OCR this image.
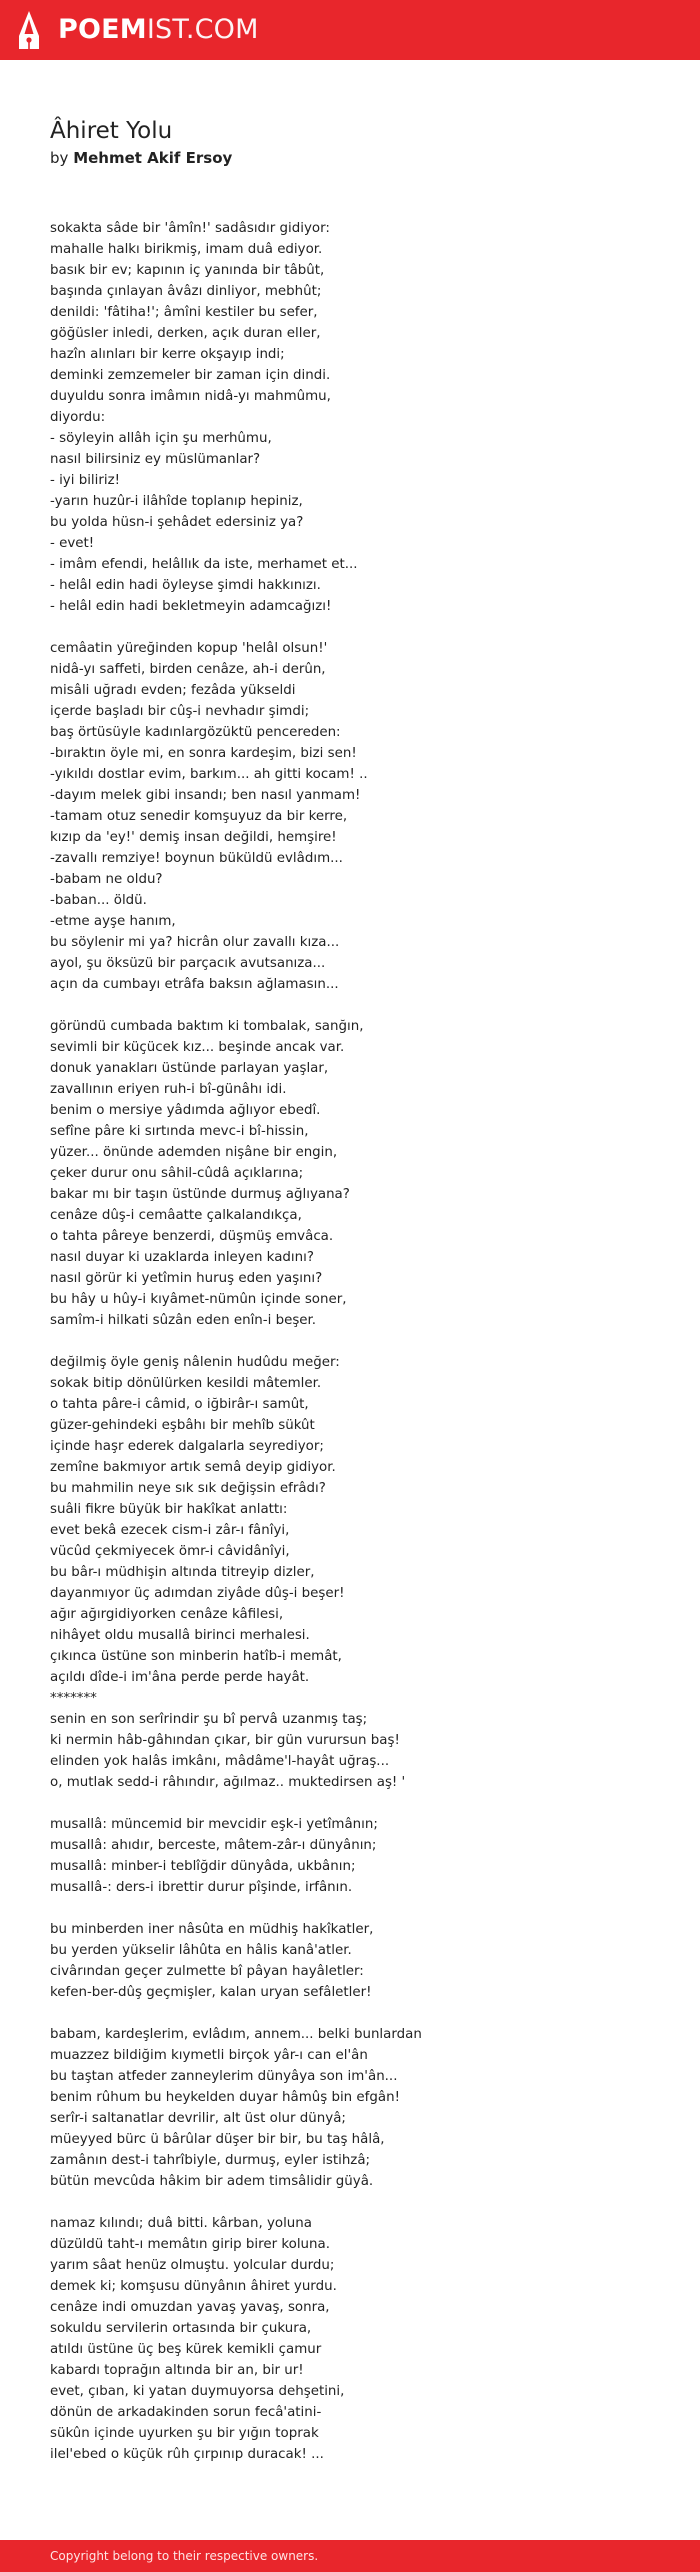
POEMIST.COM
Âhiret Yolu
by Mehmet Akif Ersoy
sokakta sâde bir 'âmîn!' sadâsıdır gidiyor:
mahalle halkı birikmiş, imam duâ ediyor.
basık bir ev; kapının iç yanında bir tâbût,
başında çınlayan âvâzı dinliyor, mebhût;
denildi: 'fâtiha!'; âmîni kestiler bu sefer,
göğüsler inledi, derken, açık duran eller,
hazîn alınları bir kerre okşayıp indi;
deminki zemzemeler bir zaman için dindi.
duyuldu sonra imâmın nidâ-yı mahmûmu,
diyordu:
- söyleyin allâh için şu merhûmu,
nasıl bilirsiniz ey müslümanlar?
- iyi biliriz!
-yarın huzûr-i ilâhîde toplanıp hepiniz,
bu yolda hüsn-i şehâdet edersiniz ya?
- evet!
- imâm efendi, helâllık da iste, merhamet et...
- helâl edin hadi öyleyse şimdi hakkınızı.
- helâl edin hadi bekletmeyin adamcağızı!
cemâatin yüreğinden kopup 'helâl olsun!'
nidâ-yı saffeti, birden cenâze, ah-i derûn,
misâli uğradı evden; fezâda yükseldi
içerde başladı bir cûş-i nevhadır şimdi;
baş örtüsüyle kadınlargözüktü pencereden:
-bıraktın öyle mi, en sonra kardeşim, bizi sen!
-yıkıldı dostlar evim, barkım... ah gitti kocam! ..
-dayım melek gibi insandı; ben nasıl yanmam!
-tamam otuz senedir komşuyuz da bir kerre,
kızıp da 'ey!' demiş insan değildi, hemşire!
-zavallı remziye! boynun büküldü evlâdım...
-babam ne oldu?
-baban... öldü.
-etme ayşe hanım,
bu söylenir mi ya? hicrân olur zavallı kıza...
ayol, şu öksüzü bir parçacık avutsanıza...
açın da cumbayı etrâfa baksın ağlamasın...
göründü cumbada baktım ki tombalak, sanğın,
sevimli bir küçücek kız... beşinde ancak var.
donuk yanakları üstünde parlayan yaşlar,
zavallının eriyen ruh-i bî-günâhı idi.
benim o mersiye yâdımda ağlıyor ebedî.
sefîne pâre ki sırtında mevc-i bî-hissin,
yüzer... önünde ademden nişâne bir engin,
çeker durur onu sâhil-cûdâ açıklarına;
bakar mı bir taşın üstünde durmuş ağlıyana?
cenâze dûş-i cemâatte çalkalandıkça,
o tahta pâreye benzerdi, düşmüş emvâca.
nasıl duyar ki uzaklarda inleyen kadını?
nasıl görür ki yetîmin huruş eden yaşını?
bu hây u hûy-i kıyâmet-nümûn içinde soner,
samîm-i hilkati sûzân eden enîn-i beşer.
değilmiş öyle geniş nâlenin hudûdu meğer:
sokak bitip dönülürken kesildi mâtemler.
o tahta pâre-i câmid, o iğbirâr-ı samût,
güzer-gehindeki eşbâhı bir mehîb sükût
içinde haşr ederek dalgalarla seyrediyor;
zemîne bakmıyor artık semâ deyip gidiyor.
bu mahmilin neye sık sık değişsin efrâdı?
suâli fikre büyük bir hakîkat anlattı:
evet bekâ ezecek cism-i zâr-ı fânîyi,
vücûd çekmiyecek ömr-i câvidânîyi,
bu bâr-ı müdhişin altında titreyip dizler,
dayanmıyor üç adımdan ziyâde dûş-i beşer!
ağır ağırgidiyorken cenâze kâfilesi,
nihâyet oldu musallâ birinci merhalesi.
çıkınca üstüne son minberin hatîb-i memât,
açıldı dîde-i im'âna perde perde hayât.
*******
senin en son serîrindir şu bî pervâ uzanmış taş;
ki nermin hâb-gâhından çıkar, bir gün vurursun baş!
elinden yok halâs imkânı, mâdâme'l-hayât uğraş...
o, mutlak sedd-i râhındır, ağılmaz.. muktedirsen aş! '
musallâ: müncemid bir mevcidir eşk-i yetîmânın;
musallâ: ahıdır, berceste, mâtem-zâr-ı dünyânın;
musallâ: minber-i teblîğdir dünyâda, ukbânın;
musallâ-: ders-i ibrettir durur pîşinde, irfânın.
bu minberden iner nâsûta en müdhiş hakîkatler,
bu yerden yükselir lâhûta en hâlis kanâ'atler.
civârından geçer zulmette bî pâyan hayâletler:
kefen-ber-dûş geçmişler, kalan uryan sefâletler!
babam, kardeşlerim, evlâdım, annem... belki bunlardan
muazzez bildiğim kıymetli birçok yâr-ı can el'ân
bu taştan atfeder zanneylerim dünyâya son im'ân...
benim rûhum bu heykelden duyar hâmûş bin efgân!
serîr-i saltanatlar devrilir, alt üst olur dünyâ;
müeyyed bürc ü bârûlar düşer bir bir, bu taş hâlâ,
zamânın dest-i tahrîbiyle, durmuş, eyler istihzâ;
bütün mevcûda hâkim bir adem timsâlidir güyâ.
namaz kılındı; duâ bitti. kârban, yoluna
düzüldü taht-ı memâtın girip birer koluna.
yarım sâat henüz olmuştu. yolcular durdu;
demek ki; komşusu dünyânın âhiret yurdu.
cenâze indi omuzdan yavaş yavaş, sonra,
sokuldu servilerin ortasında bir çukura,
atıldı üstüne üç beş kürek kemikli çamur
kabardı toprağın altında bir an, bir ur!
evet, çıban, ki yatan duymuyorsa dehşetini,
dönün de arkadakinden sorun fecâ'atini-
sükûn içinde uyurken şu bir yığın toprak
ilel'ebed o küçük rûh çırpınıp duracak! ...
Copyright belong to their respective owners.
